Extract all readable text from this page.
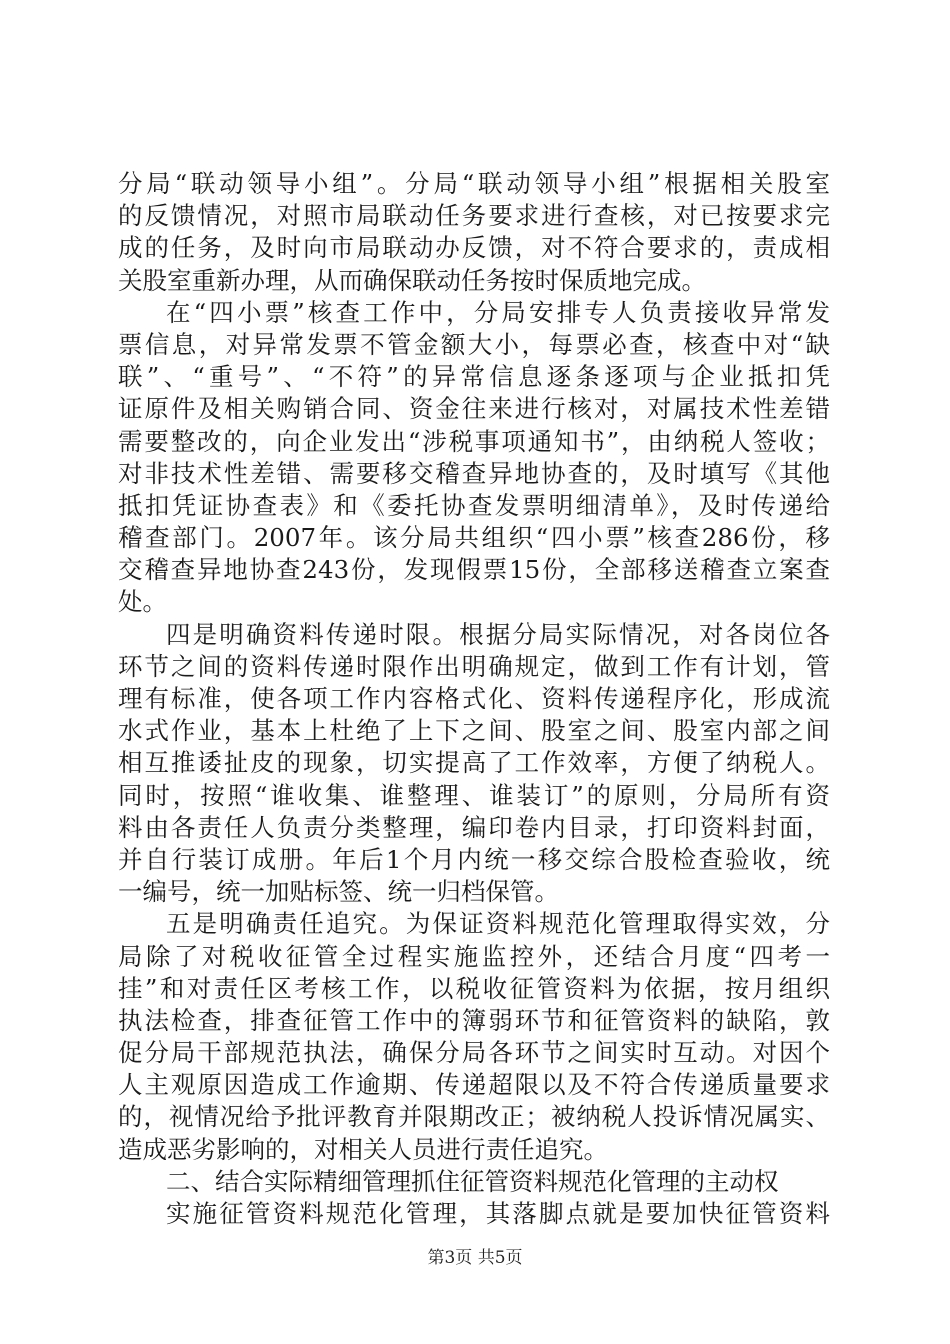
分局“联动领导小组”。分局“联动领导小组”根据相关股室
的反馈情况，对照市局联动任务要求进行查核，对已按要求完
成的任务，及时向市局联动办反馈，对不符合要求的，责成相
关股室重新办理，从而确保联动任务按时保质地完成。
在“四小票”核查工作中，分局安排专人负责接收异常发
票信息，对异常发票不管金额大小，每票必查，核查中对“缺
联”、“重号”、“不符”的异常信息逐条逐项与企业抵扣凭
证原件及相关购销合同、资金往来进行核对，对属技术性差错
需要整改的，向企业发出“涉税事项通知书”，由纳税人签收；
对非技术性差错、需要移交稽查异地协查的，及时填写《其他
抵扣凭证协查表》和《委托协查发票明细清单》，及时传递给
稽查部门。2007年。该分局共组织“四小票”核查286份，移
交稽查异地协查243份，发现假票15份，全部移送稽查立案查
处。
四是明确资料传递时限。根据分局实际情况，对各岗位各
环节之间的资料传递时限作出明确规定，做到工作有计划，管
理有标准，使各项工作内容格式化、资料传递程序化，形成流
水式作业，基本上杜绝了上下之间、股室之间、股室内部之间
相互推诿扯皮的现象，切实提高了工作效率，方便了纳税人。
同时，按照“谁收集、谁整理、谁装订”的原则，分局所有资
料由各责任人负责分类整理，编印卷内目录，打印资料封面，
并自行装订成册。年后1个月内统一移交综合股检查验收，统
一编号，统一加贴标签、统一归档保管。
五是明确责任追究。为保证资料规范化管理取得实效，分
局除了对税收征管全过程实施监控外，还结合月度“四考一
挂”和对责任区考核工作，以税收征管资料为依据，按月组织
执法检查，排查征管工作中的簿弱环节和征管资料的缺陷，敦
促分局干部规范执法，确保分局各环节之间实时互动。对因个
人主观原因造成工作逾期、传递超限以及不符合传递质量要求
的，视情况给予批评教育并限期改正；被纳税人投诉情况属实、
造成恶劣影响的，对相关人员进行责任追究。
二、结合实际精细管理抓住征管资料规范化管理的主动权
实施征管资料规范化管理，其落脚点就是要加快征管资料
第3页 共5页
